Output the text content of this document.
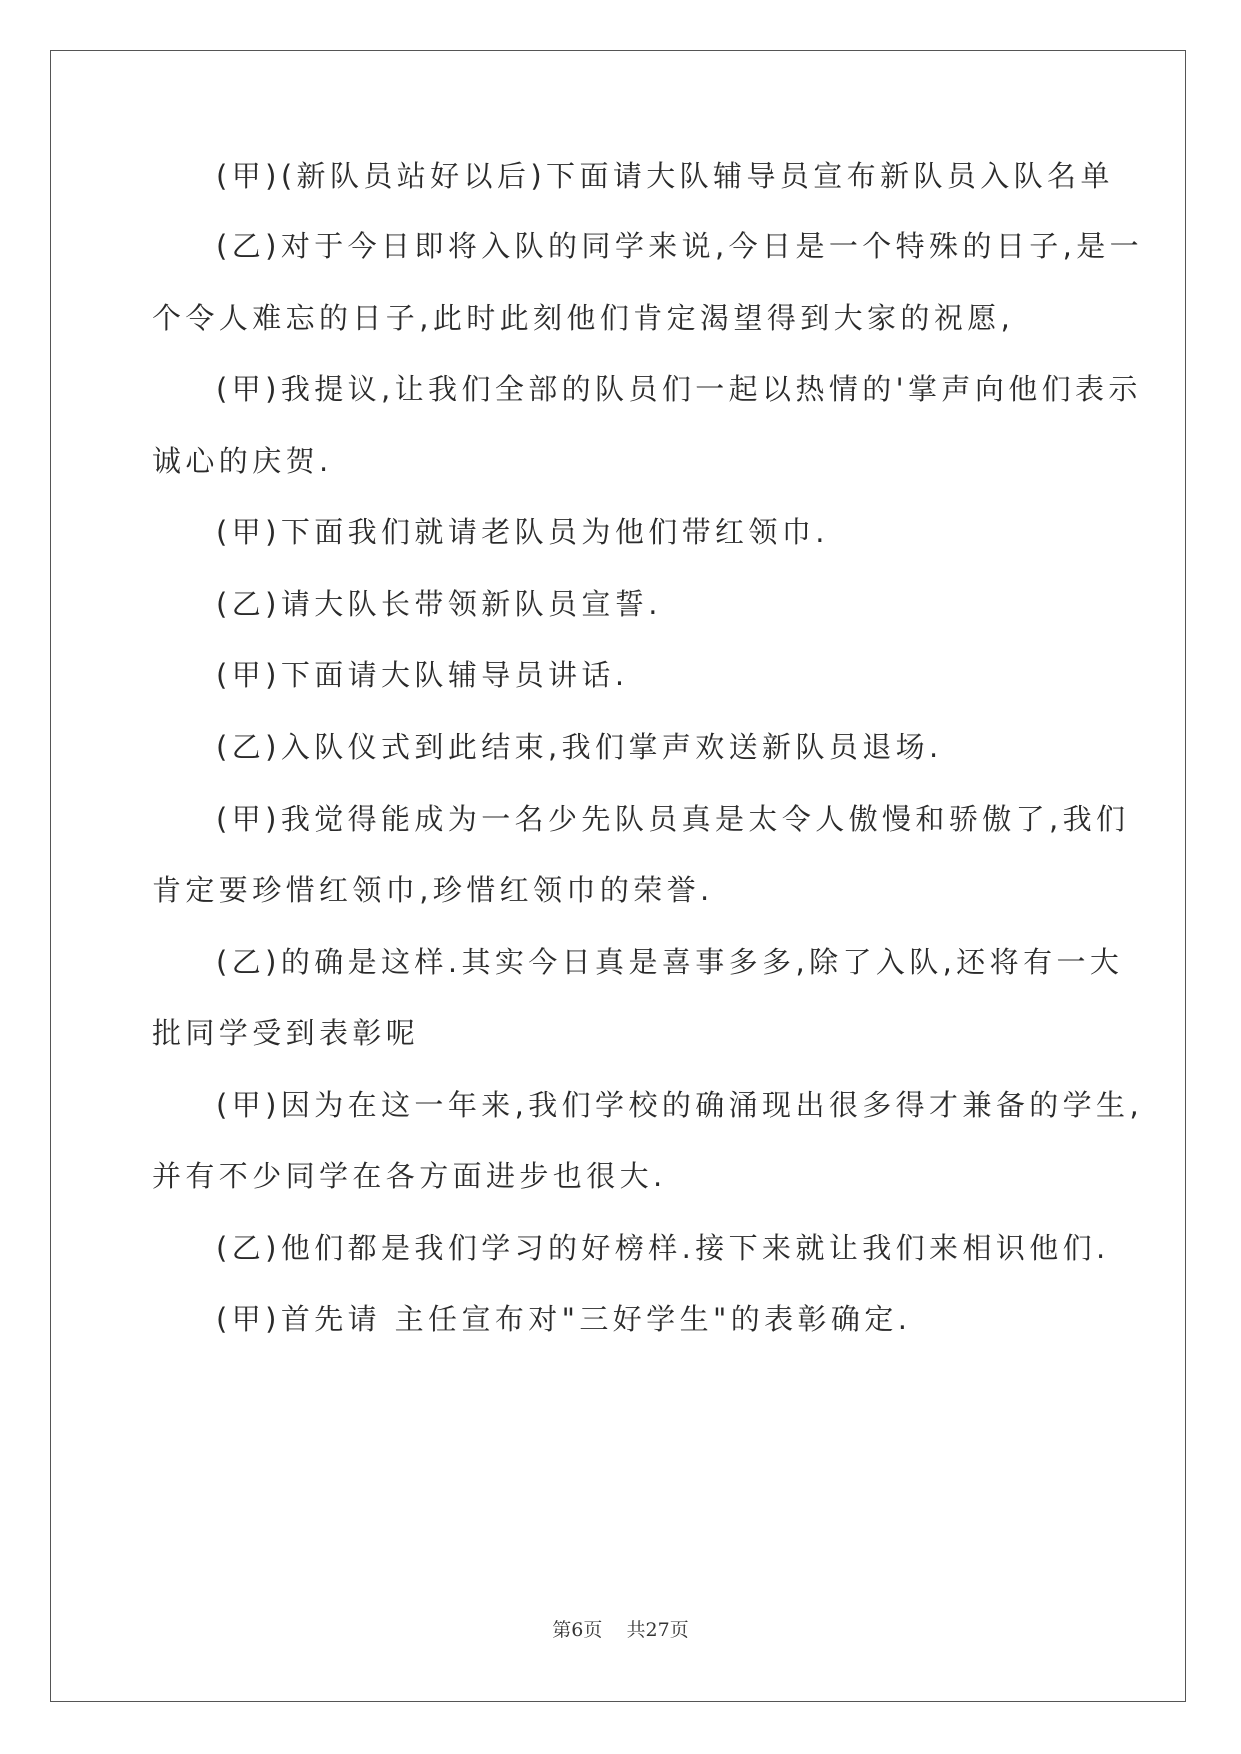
(甲)(新队员站好以后)下面请大队辅导员宣布新队员入队名单
(乙)对于今日即将入队的同学来说,今日是一个特殊的日子,是一
个令人难忘的日子,此时此刻他们肯定渴望得到大家的祝愿,
(甲)我提议,让我们全部的队员们一起以热情的'掌声向他们表示
诚心的庆贺.
(甲)下面我们就请老队员为他们带红领巾.
(乙)请大队长带领新队员宣誓.
(甲)下面请大队辅导员讲话.
(乙)入队仪式到此结束,我们掌声欢送新队员退场.
(甲)我觉得能成为一名少先队员真是太令人傲慢和骄傲了,我们
肯定要珍惜红领巾,珍惜红领巾的荣誉.
(乙)的确是这样.其实今日真是喜事多多,除了入队,还将有一大
批同学受到表彰呢
(甲)因为在这一年来,我们学校的确涌现出很多得才兼备的学生,
并有不少同学在各方面进步也很大.
(乙)他们都是我们学习的好榜样.接下来就让我们来相识他们.
(甲)首先请 主任宣布对"三好学生"的表彰确定.
第6页    共27页
